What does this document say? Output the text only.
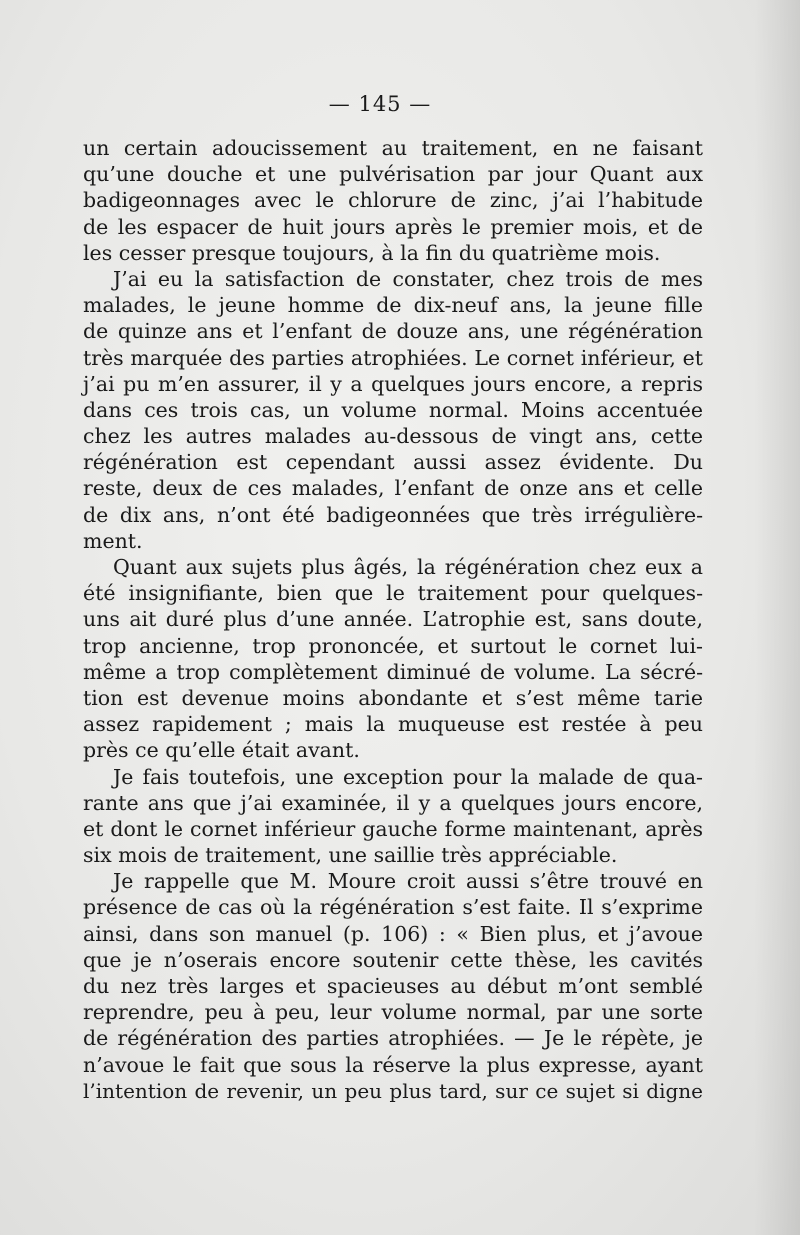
— 145 —
un certain adoucissement au traitement, en ne faisant
qu’une douche et une pulvérisation par jour Quant aux
badigeonnages avec le chlorure de zinc, j’ai l’habitude
de les espacer de huit jours après le premier mois, et de
les cesser presque toujours, à la fin du quatrième mois.
J’ai eu la satisfaction de constater, chez trois de mes
malades, le jeune homme de dix-neuf ans, la jeune fille
de quinze ans et l’enfant de douze ans, une régénération
très marquée des parties atrophiées. Le cornet inférieur, et
j’ai pu m’en assurer, il y a quelques jours encore, a repris
dans ces trois cas, un volume normal. Moins accentuée
chez les autres malades au-dessous de vingt ans, cette
régénération est cependant aussi assez évidente. Du
reste, deux de ces malades, l’enfant de onze ans et celle
de dix ans, n’ont été badigeonnées que très irrégulière-
ment.
Quant aux sujets plus âgés, la régénération chez eux a
été insignifiante, bien que le traitement pour quelques-
uns ait duré plus d’une année. L’atrophie est, sans doute,
trop ancienne, trop prononcée, et surtout le cornet lui-
même a trop complètement diminué de volume. La sécré-
tion est devenue moins abondante et s’est même tarie
assez rapidement ; mais la muqueuse est restée à peu
près ce qu’elle était avant.
Je fais toutefois, une exception pour la malade de qua-
rante ans que j’ai examinée, il y a quelques jours encore,
et dont le cornet inférieur gauche forme maintenant, après
six mois de traitement, une saillie très appréciable.
Je rappelle que M. Moure croit aussi s’être trouvé en
présence de cas où la régénération s’est faite. Il s’exprime
ainsi, dans son manuel (p. 106) : « Bien plus, et j’avoue
que je n’oserais encore soutenir cette thèse, les cavités
du nez très larges et spacieuses au début m’ont semblé
reprendre, peu à peu, leur volume normal, par une sorte
de régénération des parties atrophiées. — Je le répète, je
n’avoue le fait que sous la réserve la plus expresse, ayant
l’intention de revenir, un peu plus tard, sur ce sujet si digne
